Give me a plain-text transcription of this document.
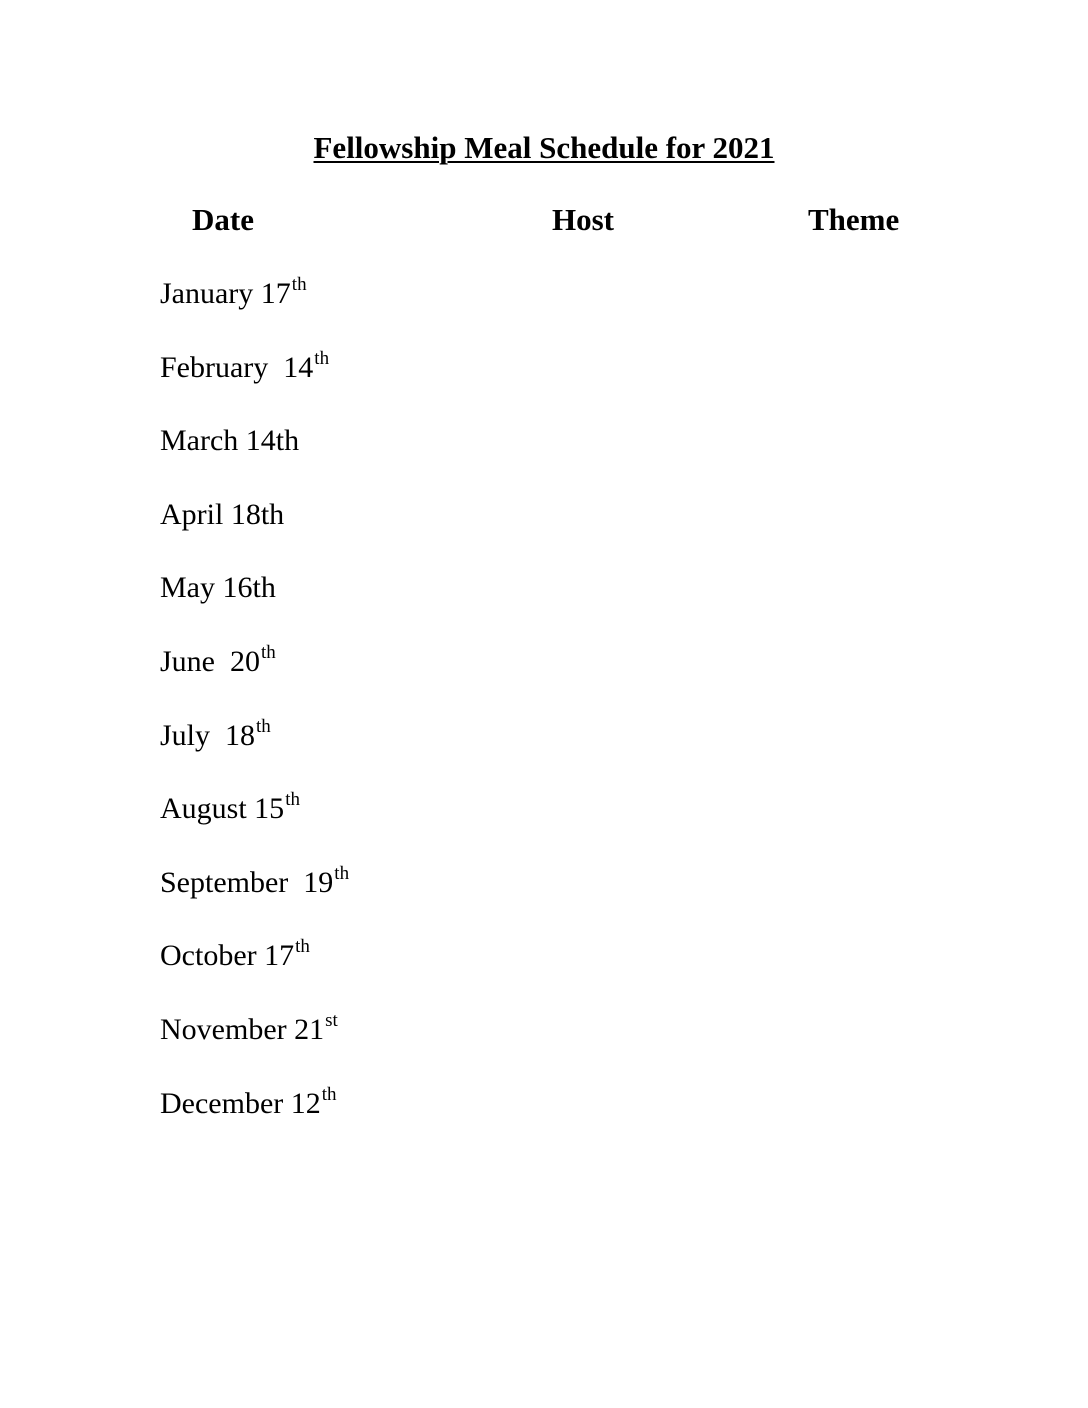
Fellowship Meal Schedule for 2021
Date	Host	Theme
January 17th
February  14th
March 14th
April 18th
May 16th
June  20th
July  18th
August 15th
September  19th
October 17th
November 21st
December 12th
